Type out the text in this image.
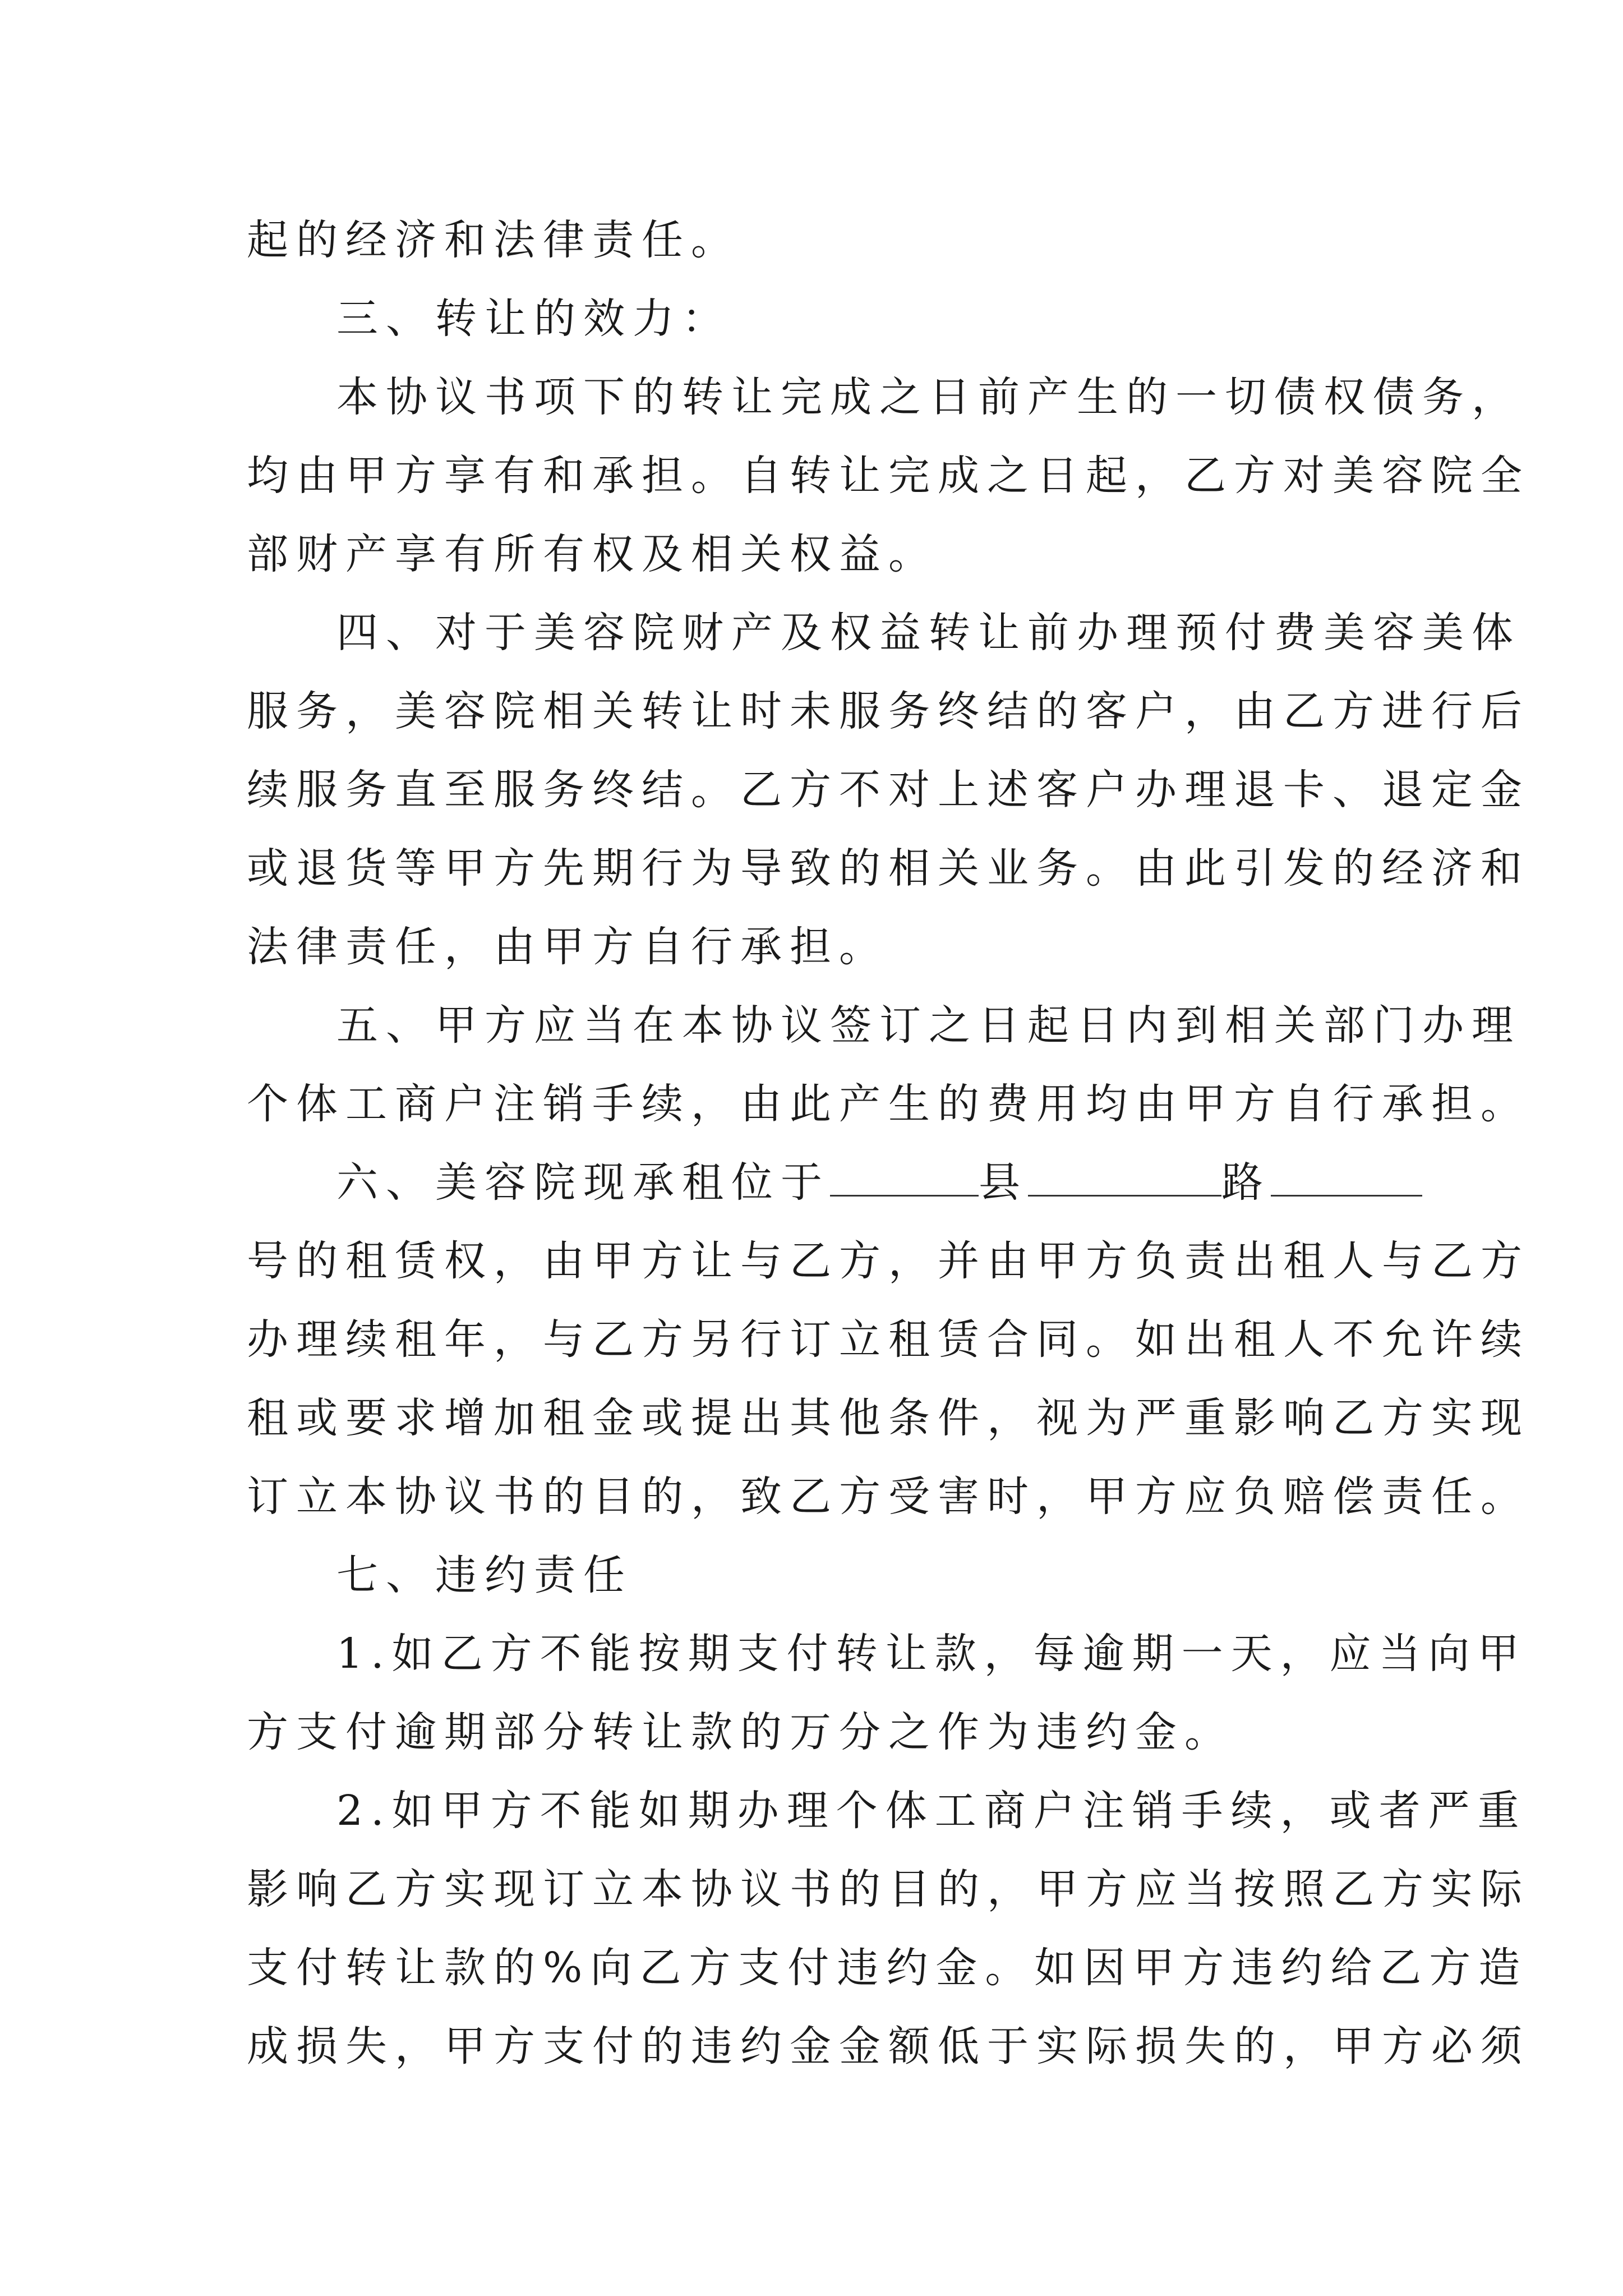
起的经济和法律责任。
三、转让的效力：
本协议书项下的转让完成之日前产生的一切债权债务，
均由甲方享有和承担。自转让完成之日起，乙方对美容院全
部财产享有所有权及相关权益。
四、对于美容院财产及权益转让前办理预付费美容美体
服务，美容院相关转让时未服务终结的客户，由乙方进行后
续服务直至服务终结。乙方不对上述客户办理退卡、退定金
或退货等甲方先期行为导致的相关业务。由此引发的经济和
法律责任，由甲方自行承担。
五、甲方应当在本协议签订之日起日内到相关部门办理
个体工商户注销手续，由此产生的费用均由甲方自行承担。
六、美容院现承租位于	县	路
号的租赁权，由甲方让与乙方，并由甲方负责出租人与乙方
办理续租年，与乙方另行订立租赁合同。如出租人不允许续
租或要求增加租金或提出其他条件，视为严重影响乙方实现
订立本协议书的目的，致乙方受害时，甲方应负赔偿责任。
七、违约责任
1.如乙方不能按期支付转让款，每逾期一天，应当向甲
方支付逾期部分转让款的万分之作为违约金。
2.如甲方不能如期办理个体工商户注销手续，或者严重
影响乙方实现订立本协议书的目的，甲方应当按照乙方实际
支付转让款的%向乙方支付违约金。如因甲方违约给乙方造
成损失，甲方支付的违约金金额低于实际损失的，甲方必须
